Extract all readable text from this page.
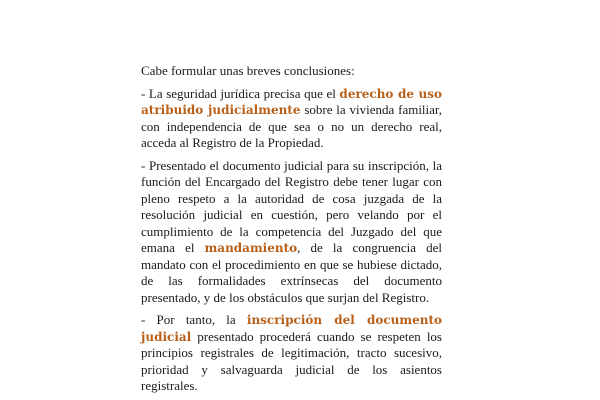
Cabe formular unas breves conclusiones:

- La seguridad jurídica precisa que el derecho de uso atribuido judicialmente sobre la vivienda familiar, con independencia de que sea o no un derecho real, acceda al Registro de la Propiedad.

- Presentado el documento judicial para su inscripción, la función del Encargado del Registro debe tener lugar con pleno respeto a la autoridad de cosa juzgada de la resolución judicial en cuestión, pero velando por el cumplimiento de la competencia del Juzgado del que emana el mandamiento, de la congruencia del mandato con el procedimiento en que se hubiese dictado, de las formalidades extrínsecas del documento presentado, y de los obstáculos que surjan del Registro.

- Por tanto, la inscripción del documento judicial presentado procederá cuando se respeten los principios registrales de legitimación, tracto sucesivo, prioridad y salvaguarda judicial de los asientos registrales.
